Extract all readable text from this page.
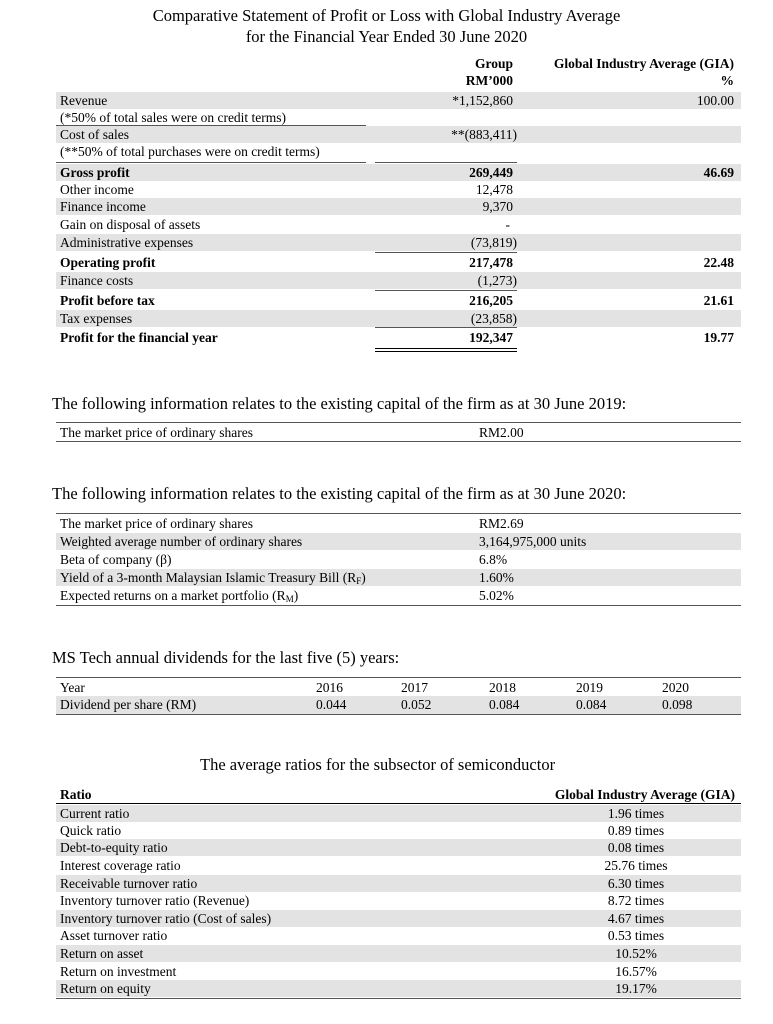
Comparative Statement of Profit or Loss with Global Industry Average
for the Financial Year Ended 30 June 2020
Group
RM’000
Global Industry Average (GIA)
%
Revenue	*1,152,860	100.00
(*50% of total sales were on credit terms)
Cost of sales	**(883,411)
(**50% of total purchases were on credit terms)
Gross profit	269,449	46.69
Other income	12,478
Finance income	9,370
Gain on disposal of assets	-
Administrative expenses	(73,819)
Operating profit	217,478	22.48
Finance costs	(1,273)
Profit before tax	216,205	21.61
Tax expenses	(23,858)
Profit for the financial year	192,347	19.77
The following information relates to the existing capital of the firm as at 30 June 2019:
The market price of ordinary shares	RM2.00
The following information relates to the existing capital of the firm as at 30 June 2020:
The market price of ordinary shares	RM2.69
Weighted average number of ordinary shares	3,164,975,000 units
Beta of company (β)	6.8%
Yield of a 3-month Malaysian Islamic Treasury Bill $(R_F)$	1.60%
Expected returns on a market portfolio $(R_M)$	5.02%
MS Tech annual dividends for the last five (5) years:
Year	2016	2017	2018	2019	2020
Dividend per share (RM)	0.044	0.052	0.084	0.084	0.098
The average ratios for the subsector of semiconductor
Ratio	Global Industry Average (GIA)
Current ratio	1.96 times
Quick ratio	0.89 times
Debt-to-equity ratio	0.08 times
Interest coverage ratio	25.76 times
Receivable turnover ratio	6.30 times
Inventory turnover ratio (Revenue)	8.72 times
Inventory turnover ratio (Cost of sales)	4.67 times
Asset turnover ratio	0.53 times
Return on asset	10.52%
Return on investment	16.57%
Return on equity	19.17%
